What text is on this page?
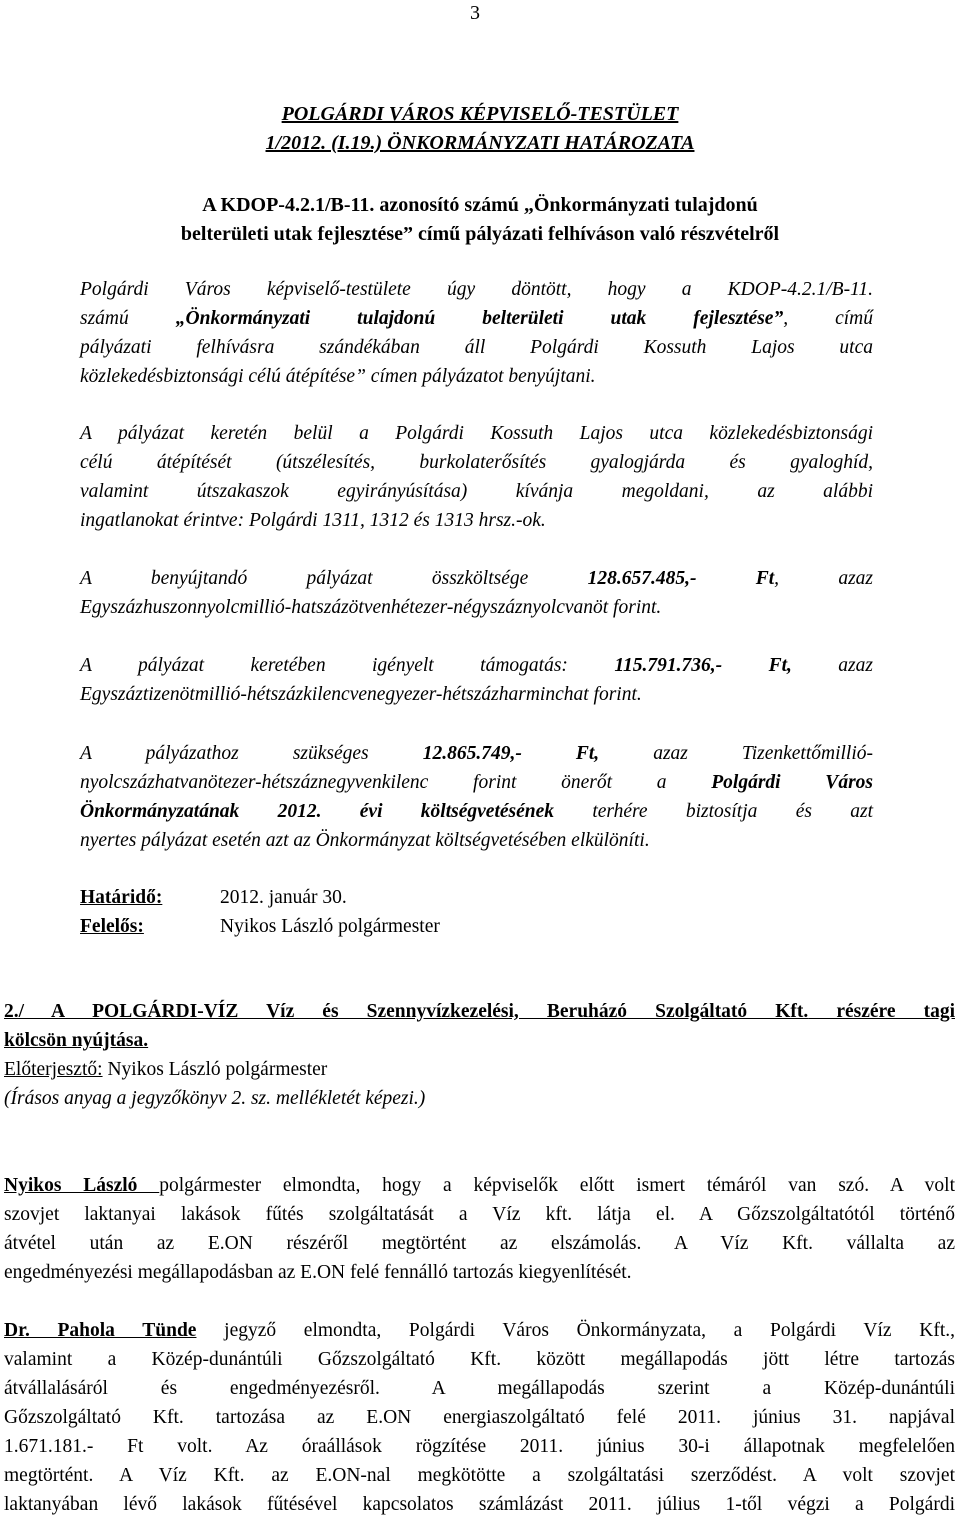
3
POLGÁRDI VÁROS KÉPVISELŐ-TESTÜLET
1/2012. (I.19.) ÖNKORMÁNYZATI HATÁROZATA
A KDOP-4.2.1/B-11. azonosító számú „Önkormányzati tulajdonú
belterületi utak fejlesztése” című pályázati felhíváson való részvételről
Polgárdi Város képviselő-testülete úgy döntött, hogy a KDOP-4.2.1/B-11.
számú „Önkormányzati tulajdonú belterületi utak fejlesztése”, című
pályázati felhívásra szándékában áll Polgárdi Kossuth Lajos utca
közlekedésbiztonsági célú átépítése” címen pályázatot benyújtani.
A pályázat keretén belül a Polgárdi Kossuth Lajos utca közlekedésbiztonsági
célú átépítését (útszélesítés, burkolaterősítés gyalogjárda és gyaloghíd,
valamint útszakaszok egyirányúsítása) kívánja megoldani, az alábbi
ingatlanokat érintve: Polgárdi 1311, 1312 és 1313 hrsz.-ok.
A benyújtandó pályázat összköltsége 128.657.485,- Ft, azaz
Egyszázhuszonnyolcmillió-hatszázötvenhétezer-négyszáznyolcvanöt forint.
A pályázat keretében igényelt támogatás: 115.791.736,- Ft, azaz
Egyszáztizenötmillió-hétszázkilencvenegyezer-hétszázharminchat forint.
A pályázathoz szükséges 12.865.749,- Ft, azaz Tizenkettőmillió-
nyolcszázhatvanötezer-hétszáznegyvenkilenc forint önerőt a Polgárdi Város
Önkormányzatának 2012. évi költségvetésének terhére biztosítja és azt
nyertes pályázat esetén azt az Önkormányzat költségvetésében elkülöníti.
Határidő:	2012. január 30.
Felelős:	Nyikos László polgármester
2./ A POLGÁRDI-VÍZ Víz és Szennyvízkezelési, Beruházó Szolgáltató Kft. részére tagi
kölcsön nyújtása.
Előterjesztő: Nyikos László polgármester
(Írásos anyag a jegyzőkönyv 2. sz. mellékletét képezi.)
Nyikos László polgármester elmondta, hogy a képviselők előtt ismert témáról van szó. A volt
szovjet laktanyai lakások fűtés szolgáltatását a Víz kft. látja el. A Gőzszolgáltatótól történő
átvétel után az E.ON részéről megtörtént az elszámolás. A Víz Kft. vállalta az
engedményezési megállapodásban az E.ON felé fennálló tartozás kiegyenlítését.
Dr. Pahola Tünde jegyző elmondta, Polgárdi Város Önkormányzata, a Polgárdi Víz Kft.,
valamint a Közép-dunántúli Gőzszolgáltató Kft. között megállapodás jött létre tartozás
átvállalásáról és engedményezésről. A megállapodás szerint a Közép-dunántúli
Gőzszolgáltató Kft. tartozása az E.ON energiaszolgáltató felé 2011. június 31. napjával
1.671.181.- Ft volt. Az óraállások rögzítése 2011. június 30-i állapotnak megfelelően
megtörtént. A Víz Kft. az E.ON-nal megkötötte a szolgáltatási szerződést. A volt szovjet
laktanyában lévő lakások fűtésével kapcsolatos számlázást 2011. július 1-től végzi a Polgárdi
